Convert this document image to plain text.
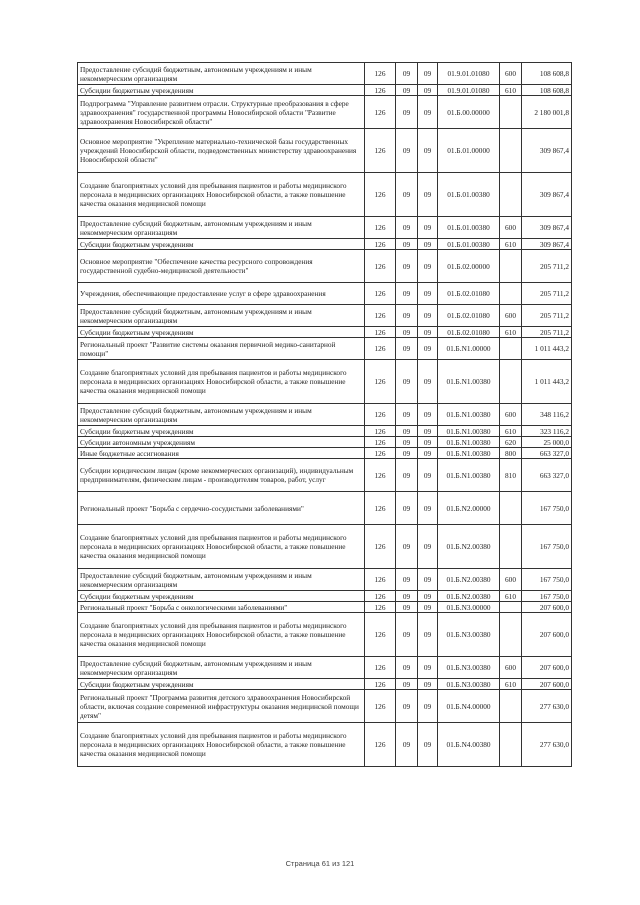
Предоставление субсидий бюджетным, автономным учреждениям и иным некоммерческим организациям	126	09	09	01.9.01.01080	600	108 608,8
Субсидии бюджетным учреждениям	126	09	09	01.9.01.01080	610	108 608,8
Подпрограмма "Управление развитием отрасли. Структурные преобразования в сфере здравоохранения" государственной программы Новосибирской области "Развитие здравоохранения Новосибирской области"	126	09	09	01.Б.00.00000		2 180 001,8
Основное мероприятие "Укрепление материально-технической базы государственных учреждений Новосибирской области, подведомственных министерству здравоохранения Новосибирской области"	126	09	09	01.Б.01.00000		309 867,4
Создание благоприятных условий для пребывания пациентов и работы медицинского персонала в медицинских организациях Новосибирской области, а также повышение качества оказания медицинской помощи	126	09	09	01.Б.01.00380		309 867,4
Предоставление субсидий бюджетным, автономным учреждениям и иным некоммерческим организациям	126	09	09	01.Б.01.00380	600	309 867,4
Субсидии бюджетным учреждениям	126	09	09	01.Б.01.00380	610	309 867,4
Основное мероприятие "Обеспечение качества ресурсного сопровождения государственной судебно-медицинской деятельности"	126	09	09	01.Б.02.00000		205 711,2
Учреждения, обеспечивающие предоставление услуг в сфере здравоохранения	126	09	09	01.Б.02.01080		205 711,2
Предоставление субсидий бюджетным, автономным учреждениям и иным некоммерческим организациям	126	09	09	01.Б.02.01080	600	205 711,2
Субсидии бюджетным учреждениям	126	09	09	01.Б.02.01080	610	205 711,2
Региональный проект "Развитие системы оказания первичной медико-санитарной помощи"	126	09	09	01.Б.N1.00000		1 011 443,2
Создание благоприятных условий для пребывания пациентов и работы медицинского персонала в медицинских организациях Новосибирской области, а также повышение качества оказания медицинской помощи	126	09	09	01.Б.N1.00380		1 011 443,2
Предоставление субсидий бюджетным, автономным учреждениям и иным некоммерческим организациям	126	09	09	01.Б.N1.00380	600	348 116,2
Субсидии бюджетным учреждениям	126	09	09	01.Б.N1.00380	610	323 116,2
Субсидии автономным учреждениям	126	09	09	01.Б.N1.00380	620	25 000,0
Иные бюджетные ассигнования	126	09	09	01.Б.N1.00380	800	663 327,0
Субсидии юридическим лицам (кроме некоммерческих организаций), индивидуальным предпринимателям, физическим лицам - производителям товаров, работ, услуг	126	09	09	01.Б.N1.00380	810	663 327,0
Региональный проект "Борьба с сердечно-сосудистыми заболеваниями"	126	09	09	01.Б.N2.00000		167 750,0
Создание благоприятных условий для пребывания пациентов и работы медицинского персонала в медицинских организациях Новосибирской области, а также повышение качества оказания медицинской помощи	126	09	09	01.Б.N2.00380		167 750,0
Предоставление субсидий бюджетным, автономным учреждениям и иным некоммерческим организациям	126	09	09	01.Б.N2.00380	600	167 750,0
Субсидии бюджетным учреждениям	126	09	09	01.Б.N2.00380	610	167 750,0
Региональный проект "Борьба с онкологическими заболеваниями"	126	09	09	01.Б.N3.00000		207 600,0
Создание благоприятных условий для пребывания пациентов и работы медицинского персонала в медицинских организациях Новосибирской области, а также повышение качества оказания медицинской помощи	126	09	09	01.Б.N3.00380		207 600,0
Предоставление субсидий бюджетным, автономным учреждениям и иным некоммерческим организациям	126	09	09	01.Б.N3.00380	600	207 600,0
Субсидии бюджетным учреждениям	126	09	09	01.Б.N3.00380	610	207 600,0
Региональный проект "Программа развития детского здравоохранения Новосибирской области, включая создание современной инфраструктуры оказания медицинской помощи детям"	126	09	09	01.Б.N4.00000		277 630,0
Создание благоприятных условий для пребывания пациентов и работы медицинского персонала в медицинских организациях Новосибирской области, а также повышение качества оказания медицинской помощи	126	09	09	01.Б.N4.00380		277 630,0
Страница 61 из 121
